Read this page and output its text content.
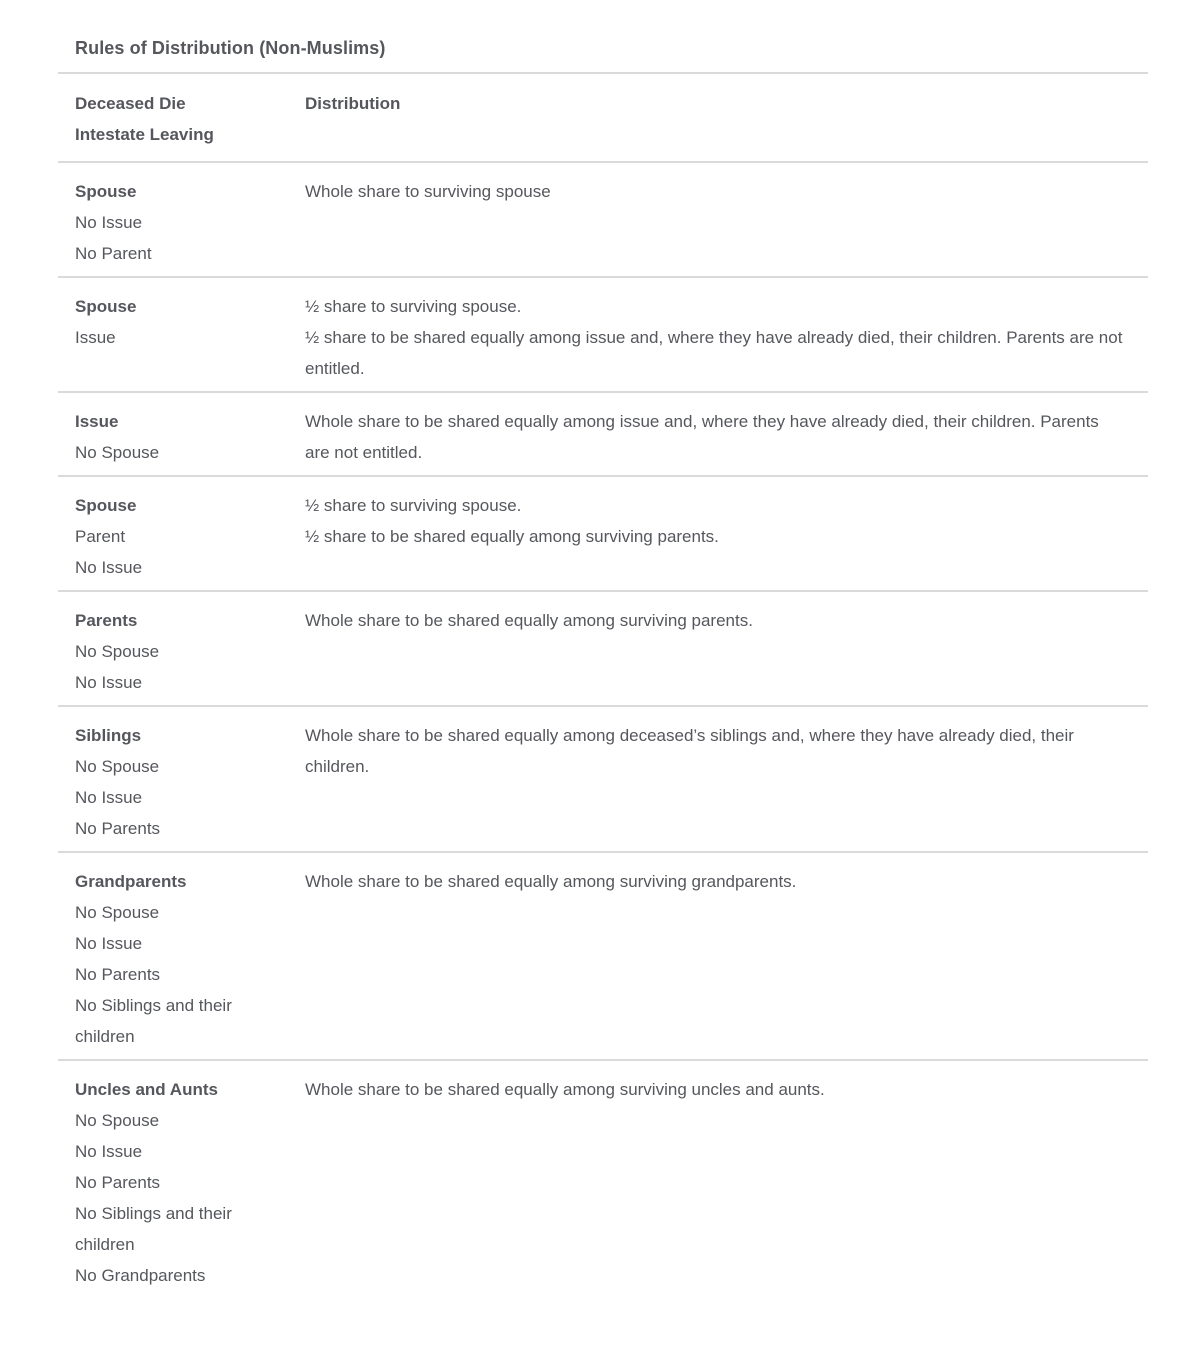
Rules of Distribution (Non-Muslims)
Deceased Die
Intestate Leaving
Distribution
Spouse
No Issue
No Parent
Whole share to surviving spouse
Spouse
Issue
½ share to surviving spouse.
½ share to be shared equally among issue and, where they have already died, their children. Parents are not entitled.
Issue
No Spouse
Whole share to be shared equally among issue and, where they have already died, their children. Parents are not entitled.
Spouse
Parent
No Issue
½ share to surviving spouse.
½ share to be shared equally among surviving parents.
Parents
No Spouse
No Issue
Whole share to be shared equally among surviving parents.
Siblings
No Spouse
No Issue
No Parents
Whole share to be shared equally among deceased’s siblings and, where they have already died, their children.
Grandparents
No Spouse
No Issue
No Parents
No Siblings and their children
Whole share to be shared equally among surviving grandparents.
Uncles and Aunts
No Spouse
No Issue
No Parents
No Siblings and their children
No Grandparents
Whole share to be shared equally among surviving uncles and aunts.
